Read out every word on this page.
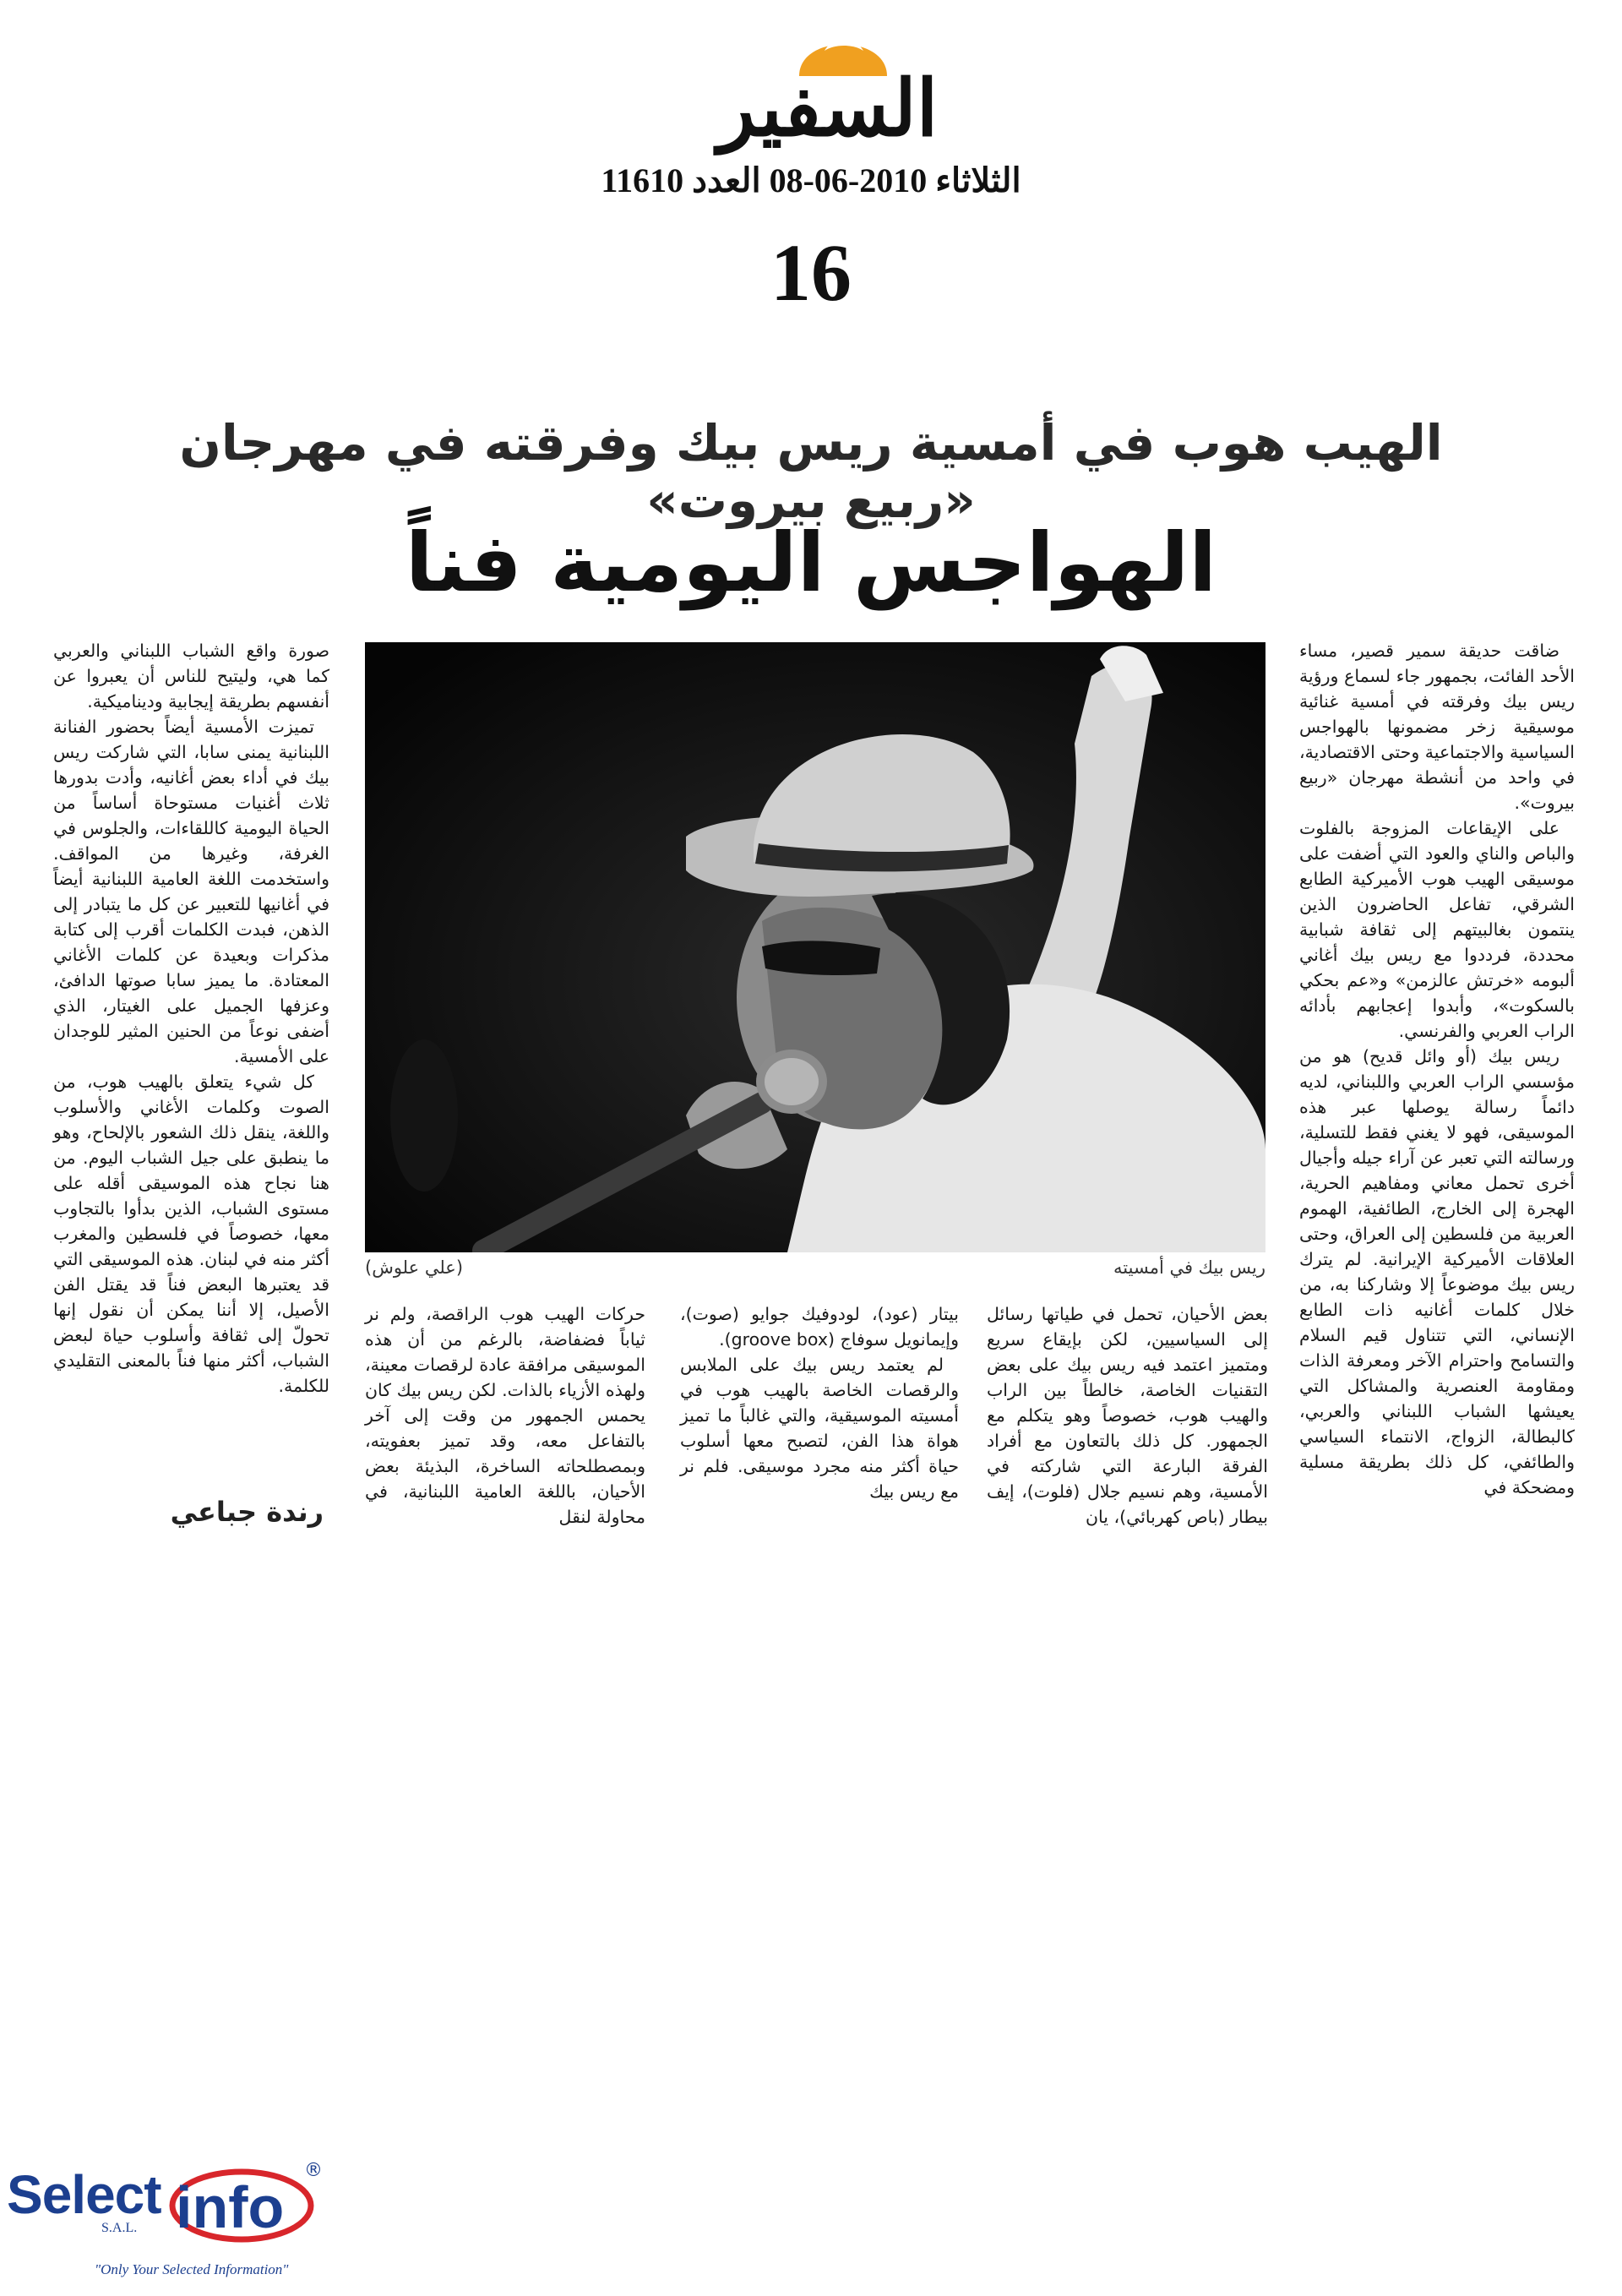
السفير
الثلاثاء 2010-06-08 العدد 11610
16
الهيب هوب في أمسية ريس بيك وفرقته في مهرجان «ربيع بيروت»
الهواجس اليومية فناً

ضاقت حديقة سمير قصير، مساء الأحد الفائت، بجمهور جاء لسماع ورؤية ريس بيك وفرقته في أمسية غنائية موسيقية زخر مضمونها بالهواجس السياسية والاجتماعية وحتى الاقتصادية، في واحد من أنشطة مهرجان «ربيع بيروت».

على الإيقاعات المزوجة بالفلوت والباص والناي والعود التي أضفت على موسيقى الهيب هوب الأميركية الطابع الشرقي، تفاعل الحاضرون الذين ينتمون بغالبيتهم إلى ثقافة شبابية محددة، فرددوا مع ريس بيك أغاني ألبومه «خرتش عالزمن» و«عم بحكي بالسكوت»، وأبدوا إعجابهم بأدائه الراب العربي والفرنسي.

ريس بيك (أو وائل قديح) هو من مؤسسي الراب العربي واللبناني، لديه دائماً رسالة يوصلها عبر هذه الموسيقى، فهو لا يغني فقط للتسلية، ورسالته التي تعبر عن آراء جيله وأجيال أخرى تحمل معاني ومفاهيم الحرية، الهجرة إلى الخارج، الطائفية، الهموم العربية من فلسطين إلى العراق، وحتى العلاقات الأميركية الإيرانية. لم يترك ريس بيك موضوعاً إلا وشاركنا به، من خلال كلمات أغانيه ذات الطابع الإنساني، التي تتناول قيم السلام والتسامح واحترام الآخر ومعرفة الذات ومقاومة العنصرية والمشاكل التي يعيشها الشباب اللبناني والعربي، كالبطالة، الزواج، الانتماء السياسي والطائفي، كل ذلك بطريقة مسلية ومضحكة في

ريس بيك في أمسيته
(علي علوش)

بعض الأحيان، تحمل في طياتها رسائل إلى السياسيين، لكن بإيقاع سريع ومتميز اعتمد فيه ريس بيك على بعض التقنيات الخاصة، خالطاً بين الراب والهيب هوب، خصوصاً وهو يتكلم مع الجمهور. كل ذلك بالتعاون مع أفراد الفرقة البارعة التي شاركته في الأمسية، وهم نسيم جلال (فلوت)، إيف بيطار (باص كهربائي)، يان

بيتار (عود)، لودوفيك جوايو (صوت)، وإيمانويل سوفاج (groove box).

لم يعتمد ريس بيك على الملابس والرقصات الخاصة بالهيب هوب في أمسيته الموسيقية، والتي غالباً ما تميز هواة هذا الفن، لتصبح معها أسلوب حياة أكثر منه مجرد موسيقى. فلم نر مع ريس بيك

حركات الهيب هوب الراقصة، ولم نر ثياباً فضفاضة، بالرغم من أن هذه الموسيقى مرافقة عادة لرقصات معينة، ولهذه الأزياء بالذات. لكن ريس بيك كان يحمس الجمهور من وقت إلى آخر بالتفاعل معه، وقد تميز بعفويته، وبمصطلحاته الساخرة، البذيئة بعض الأحيان، باللغة العامية اللبنانية، في محاولة لنقل

صورة واقع الشباب اللبناني والعربي كما هي، وليتيح للناس أن يعبروا عن أنفسهم بطريقة إيجابية وديناميكية.

تميزت الأمسية أيضاً بحضور الفنانة اللبنانية يمنى سابا، التي شاركت ريس بيك في أداء بعض أغانيه، وأدت بدورها ثلاث أغنيات مستوحاة أساساً من الحياة اليومية كاللقاءات، والجلوس في الغرفة، وغيرها من المواقف. واستخدمت اللغة العامية اللبنانية أيضاً في أغانيها للتعبير عن كل ما يتبادر إلى الذهن، فبدت الكلمات أقرب إلى كتابة مذكرات وبعيدة عن كلمات الأغاني المعتادة. ما يميز سابا صوتها الدافئ، وعزفها الجميل على الغيتار، الذي أضفى نوعاً من الحنين المثير للوجدان على الأمسية.

كل شيء يتعلق بالهيب هوب، من الصوت وكلمات الأغاني والأسلوب واللغة، ينقل ذلك الشعور بالإلحاح، وهو ما ينطبق على جيل الشباب اليوم. من هنا نجاح هذه الموسيقى أقله على مستوى الشباب، الذين بدأوا بالتجاوب معها، خصوصاً في فلسطين والمغرب أكثر منه في لبنان. هذه الموسيقى التي قد يعتبرها البعض فناً قد يقتل الفن الأصيل، إلا أننا يمكن أن نقول إنها تحولّ إلى ثقافة وأسلوب حياة لبعض الشباب، أكثر منها فناً بالمعنى التقليدي للكلمة.

رندة جباعي
Select info
®
S.A.L.
"Only Your Selected Information"
